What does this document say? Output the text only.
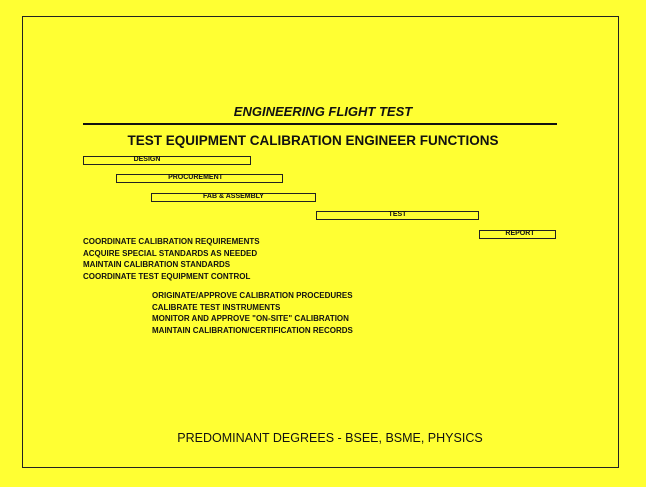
ENGINEERING FLIGHT TEST
TEST EQUIPMENT CALIBRATION ENGINEER FUNCTIONS
DESIGN
PROCUREMENT
FAB & ASSEMBLY
TEST
REPORT
COORDINATE CALIBRATION REQUIREMENTS
ACQUIRE SPECIAL STANDARDS AS NEEDED
MAINTAIN CALIBRATION STANDARDS
COORDINATE TEST EQUIPMENT CONTROL
ORIGINATE/APPROVE CALIBRATION PROCEDURES
CALIBRATE TEST INSTRUMENTS
MONITOR AND APPROVE "ON-SITE" CALIBRATION
MAINTAIN CALIBRATION/CERTIFICATION RECORDS
PREDOMINANT DEGREES - BSEE, BSME, PHYSICS
